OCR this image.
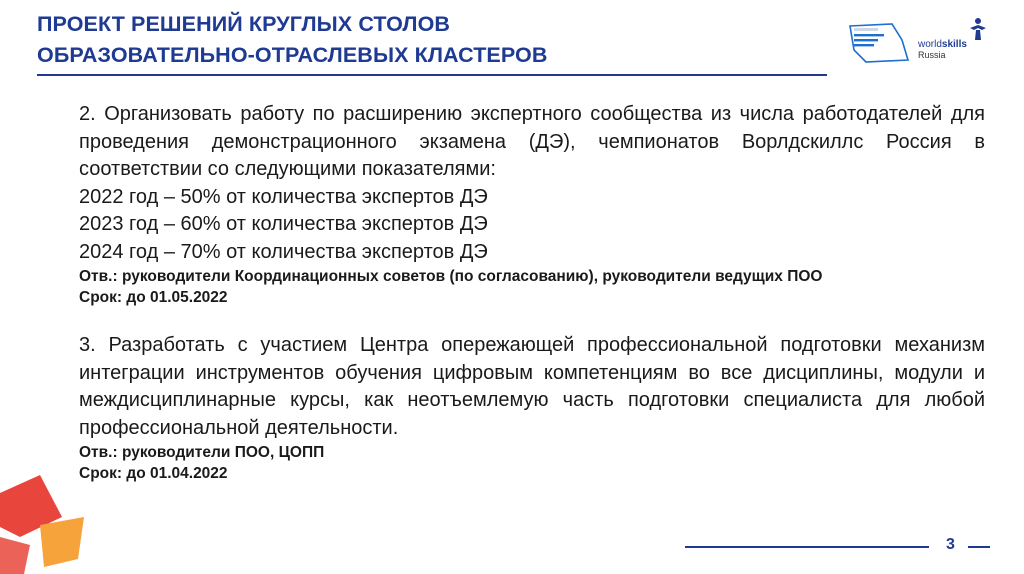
ПРОЕКТ РЕШЕНИЙ КРУГЛЫХ СТОЛОВ
ОБРАЗОВАТЕЛЬНО-ОТРАСЛЕВЫХ КЛАСТЕРОВ	worldskills
Russia

2. Организовать работу по расширению экспертного сообщества из числа работодателей для проведения демонстрационного экзамена (ДЭ), чемпионатов Ворлдскиллс Россия в соответствии со следующими показателями:

2022 год – 50% от количества экспертов ДЭ

2023 год – 60% от количества экспертов ДЭ

2024 год – 70% от количества экспертов ДЭ

Отв.: руководители Координационных советов (по согласованию), руководители ведущих ПОО

Срок: до 01.05.2022

3. Разработать с участием Центра опережающей профессиональной подготовки механизм интеграции инструментов обучения цифровым компетенциям во все дисциплины, модули и междисциплинарные курсы, как неотъемлемую часть подготовки специалиста для любой профессиональной деятельности.

Отв.: руководители ПОО, ЦОПП

Срок: до 01.04.2022

3
